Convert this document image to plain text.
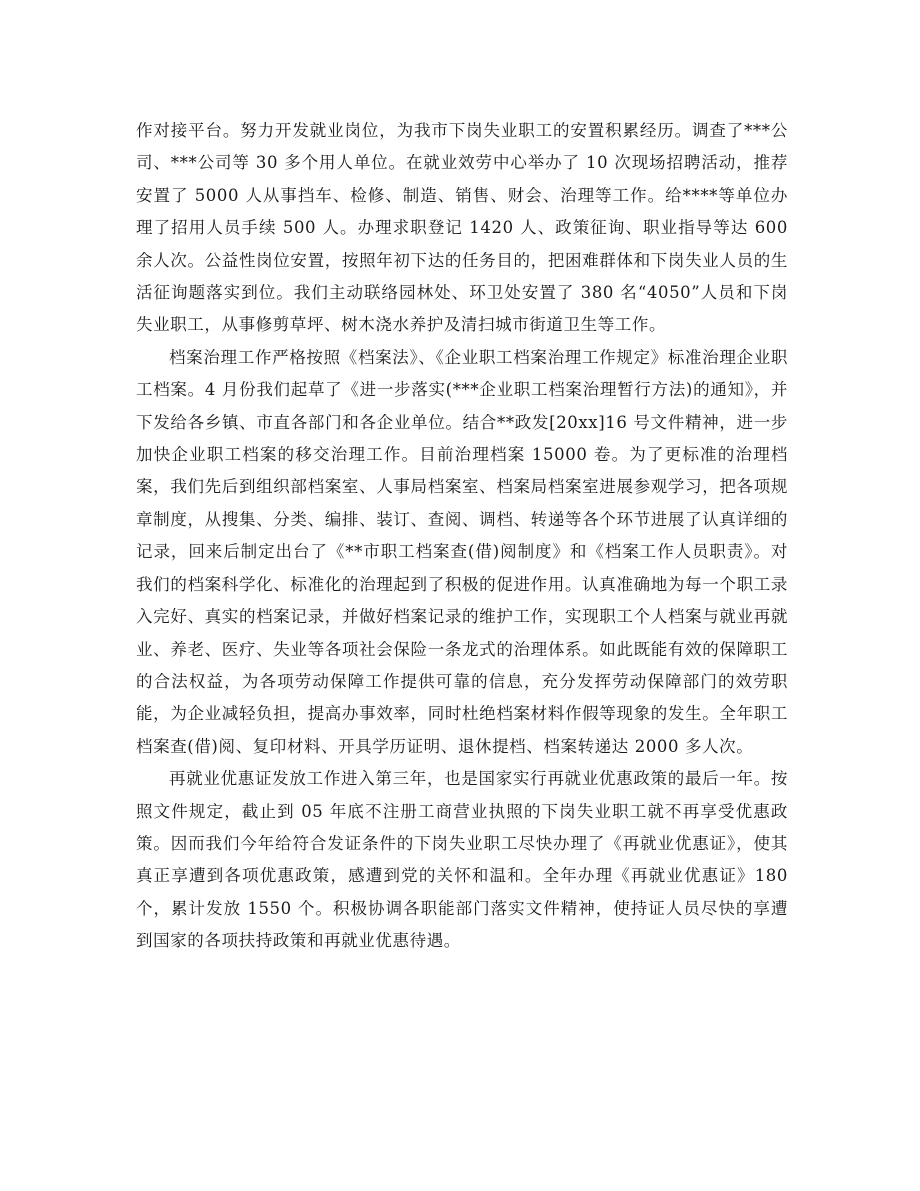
作对接平台。努力开发就业岗位，为我市下岗失业职工的安置积累经历。调查了***公司、***公司等 30 多个用人单位。在就业效劳中心举办了 10 次现场招聘活动，推荐安置了 5000 人从事挡车、检修、制造、销售、财会、治理等工作。给****等单位办理了招用人员手续 500 人。办理求职登记 1420 人、政策征询、职业指导等达 600 余人次。公益性岗位安置，按照年初下达的任务目的，把困难群体和下岗失业人员的生活征询题落实到位。我们主动联络园林处、环卫处安置了 380 名“4050”人员和下岗失业职工，从事修剪草坪、树木浇水养护及清扫城市街道卫生等工作。

档案治理工作严格按照《档案法》、《企业职工档案治理工作规定》标准治理企业职工档案。4 月份我们起草了《进一步落实(***企业职工档案治理暂行方法)的通知》，并下发给各乡镇、市直各部门和各企业单位。结合**政发[20xx]16 号文件精神，进一步加快企业职工档案的移交治理工作。目前治理档案 15000 卷。为了更标准的治理档案，我们先后到组织部档案室、人事局档案室、档案局档案室进展参观学习，把各项规章制度，从搜集、分类、编排、装订、查阅、调档、转递等各个环节进展了认真详细的记录，回来后制定出台了《**市职工档案查(借)阅制度》和《档案工作人员职责》。对我们的档案科学化、标准化的治理起到了积极的促进作用。认真准确地为每一个职工录入完好、真实的档案记录，并做好档案记录的维护工作，实现职工个人档案与就业再就业、养老、医疗、失业等各项社会保险一条龙式的治理体系。如此既能有效的保障职工的合法权益，为各项劳动保障工作提供可靠的信息，充分发挥劳动保障部门的效劳职能，为企业减轻负担，提高办事效率，同时杜绝档案材料作假等现象的发生。全年职工档案查(借)阅、复印材料、开具学历证明、退休提档、档案转递达 2000 多人次。

再就业优惠证发放工作进入第三年，也是国家实行再就业优惠政策的最后一年。按照文件规定，截止到 05 年底不注册工商营业执照的下岗失业职工就不再享受优惠政策。因而我们今年给符合发证条件的下岗失业职工尽快办理了《再就业优惠证》，使其真正享遭到各项优惠政策，感遭到党的关怀和温和。全年办理《再就业优惠证》180 个，累计发放 1550 个。积极协调各职能部门落实文件精神，使持证人员尽快的享遭到国家的各项扶持政策和再就业优惠待遇。
